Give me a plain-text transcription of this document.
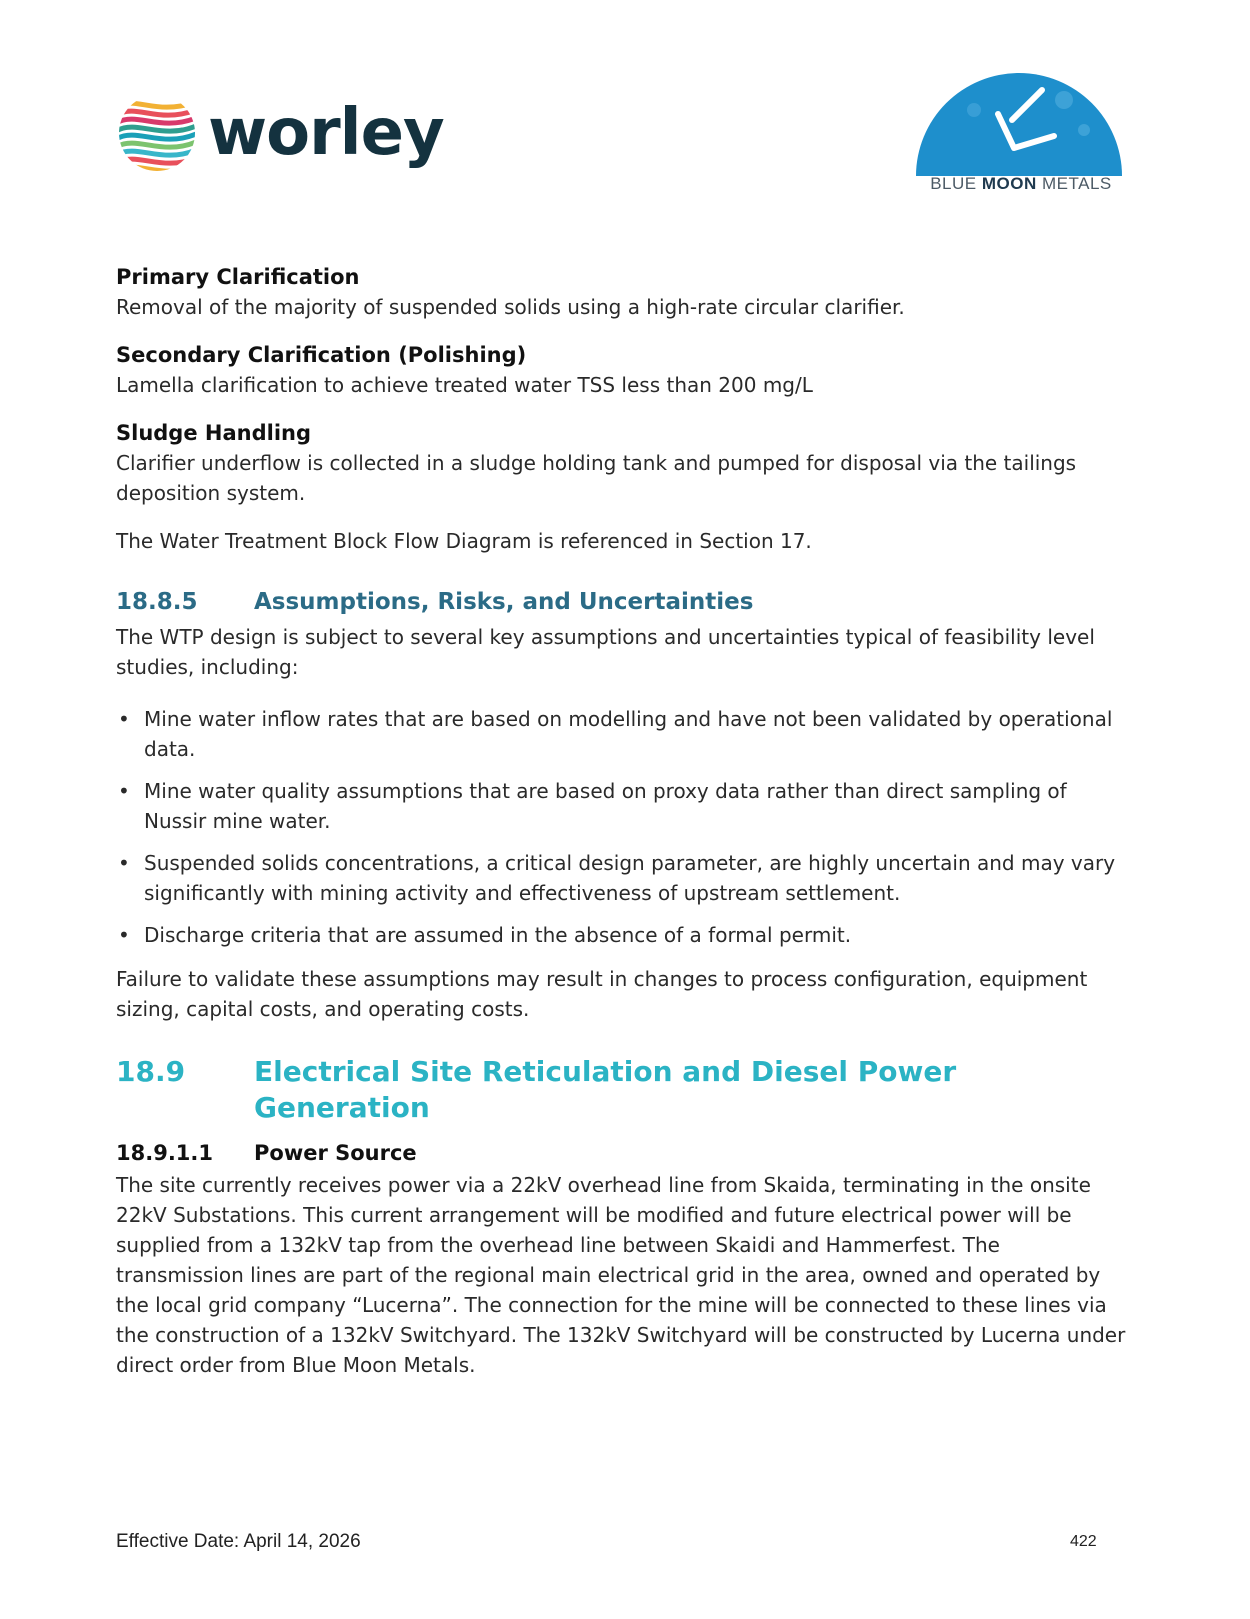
worley
BLUE MOON METALS

Primary Clarification

Removal of the majority of suspended solids using a high-rate circular clarifier.

Secondary Clarification (Polishing)

Lamella clarification to achieve treated water TSS less than 200 mg/L

Sludge Handling

Clarifier underflow is collected in a sludge holding tank and pumped for disposal via the tailings deposition system.

The Water Treatment Block Flow Diagram is referenced in Section 17.

18.8.5	Assumptions, Risks, and Uncertainties

The WTP design is subject to several key assumptions and uncertainties typical of feasibility level studies, including:

• Mine water inflow rates that are based on modelling and have not been validated by operational data.
• Mine water quality assumptions that are based on proxy data rather than direct sampling of Nussir mine water.
• Suspended solids concentrations, a critical design parameter, are highly uncertain and may vary significantly with mining activity and effectiveness of upstream settlement.
• Discharge criteria that are assumed in the absence of a formal permit.

Failure to validate these assumptions may result in changes to process configuration, equipment sizing, capital costs, and operating costs.

18.9	Electrical Site Reticulation and Diesel Power Generation
18.9.1.1	Power Source

The site currently receives power via a 22kV overhead line from Skaida, terminating in the onsite 22kV Substations. This current arrangement will be modified and future electrical power will be supplied from a 132kV tap from the overhead line between Skaidi and Hammerfest. The transmission lines are part of the regional main electrical grid in the area, owned and operated by the local grid company “Lucerna”. The connection for the mine will be connected to these lines via the construction of a 132kV Switchyard. The 132kV Switchyard will be constructed by Lucerna under direct order from Blue Moon Metals.

Effective Date: April 14, 2026	422
